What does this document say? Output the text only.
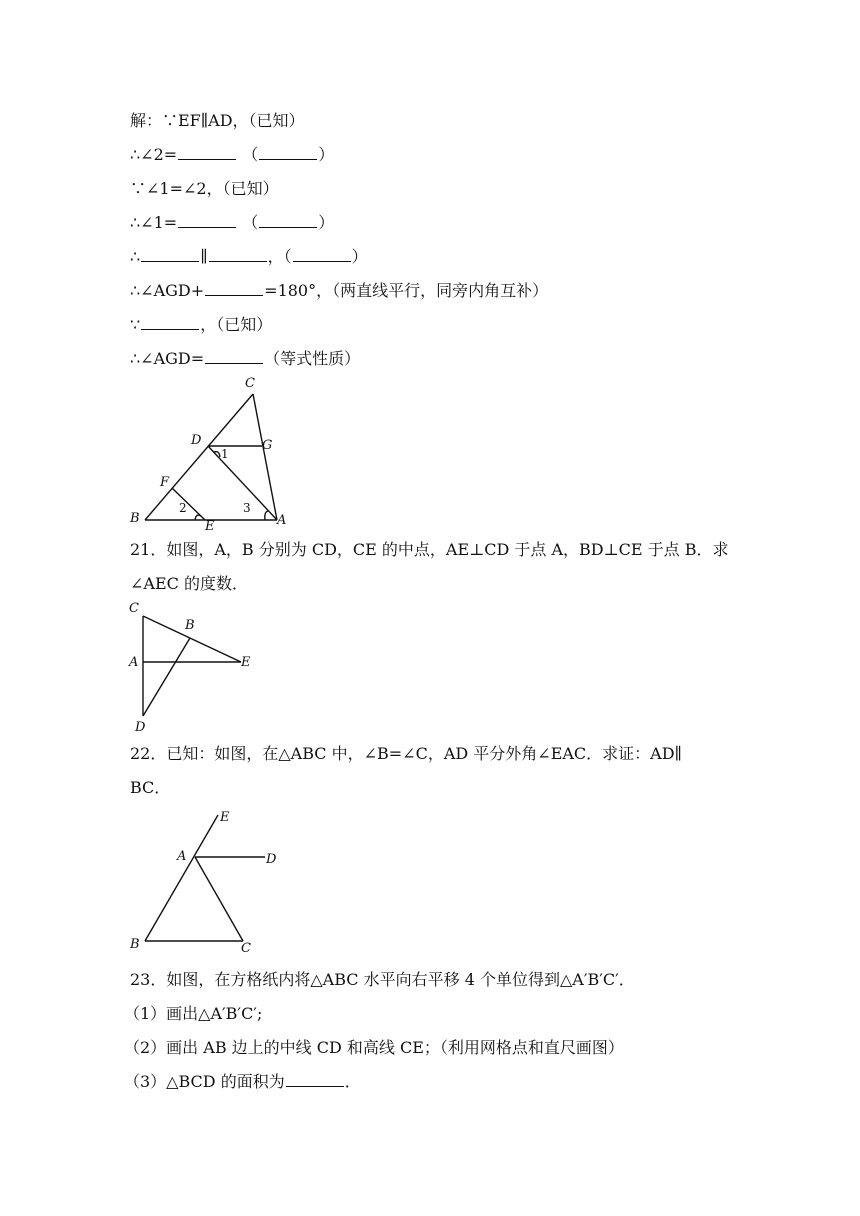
解：∵EF∥AD，（已知）
∴∠2=	（	）
∵∠1=∠2，（已知）
∴∠1=	（	）
∴	∥	，（	）
∴∠AGD+	=180°，（两直线平行，同旁内角互补）
∵	，（已知）
∴∠AGD=	（等式性质）
C
D	G
1
F
2	3
B
E	A
21．如图，A，B 分别为 CD，CE 的中点，AE⊥CD 于点 A，BD⊥CE 于点 B．求
∠AEC 的度数．
C
B
A	E
D
22．已知：如图，在△ABC 中，∠B=∠C，AD 平分外角∠EAC．求证：AD∥
BC．
E
A	D
B	C
23．如图，在方格纸内将△ABC 水平向右平移 4 个单位得到△A′B′C′．
（1）画出△A′B′C′;
（2）画出 AB 边上的中线 CD 和高线 CE；（利用网格点和直尺画图）
（3）△BCD 的面积为	．
